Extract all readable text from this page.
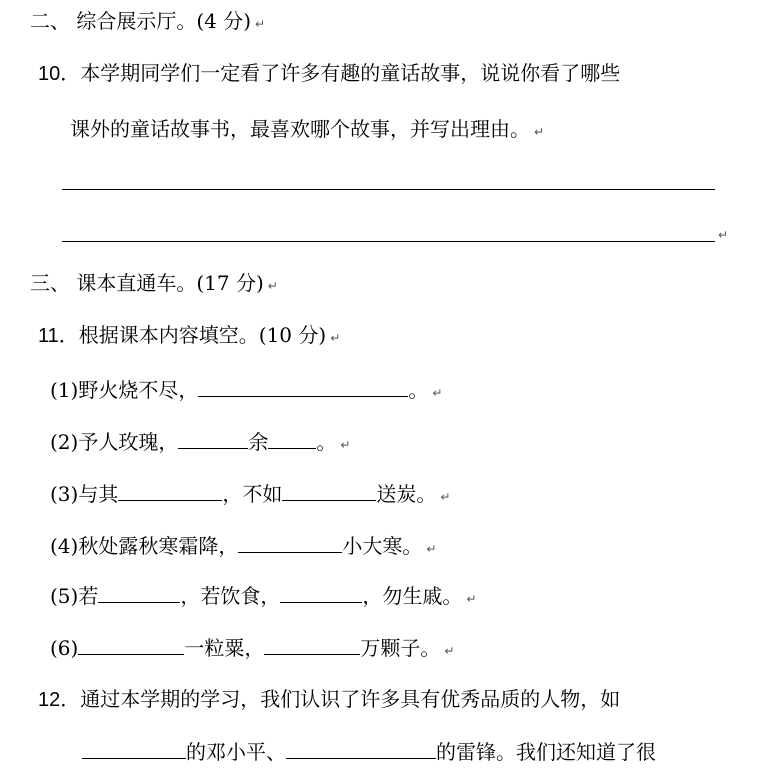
二、 综合展示厅。(4 分) ↵
10．本学期同学们一定看了许多有趣的童话故事，说说你看了哪些
课外的童话故事书，最喜欢哪个故事，并写出理由。 ↵
↵
三、 课本直通车。(17 分) ↵
11．根据课本内容填空。(10 分) ↵
(1)野火烧不尽，	。 ↵
(2)予人玫瑰，	余 。 ↵
(3)与其	，不如	送炭。 ↵
(4)秋处露秋寒霜降，	小大寒。 ↵
(5)若	，若饮食，	，勿生戚。 ↵
(6)	一粒粟，	万颗子。 ↵
12．通过本学期的学习，我们认识了许多具有优秀品质的人物，如
的邓小平、	的雷锋。我们还知道了很
